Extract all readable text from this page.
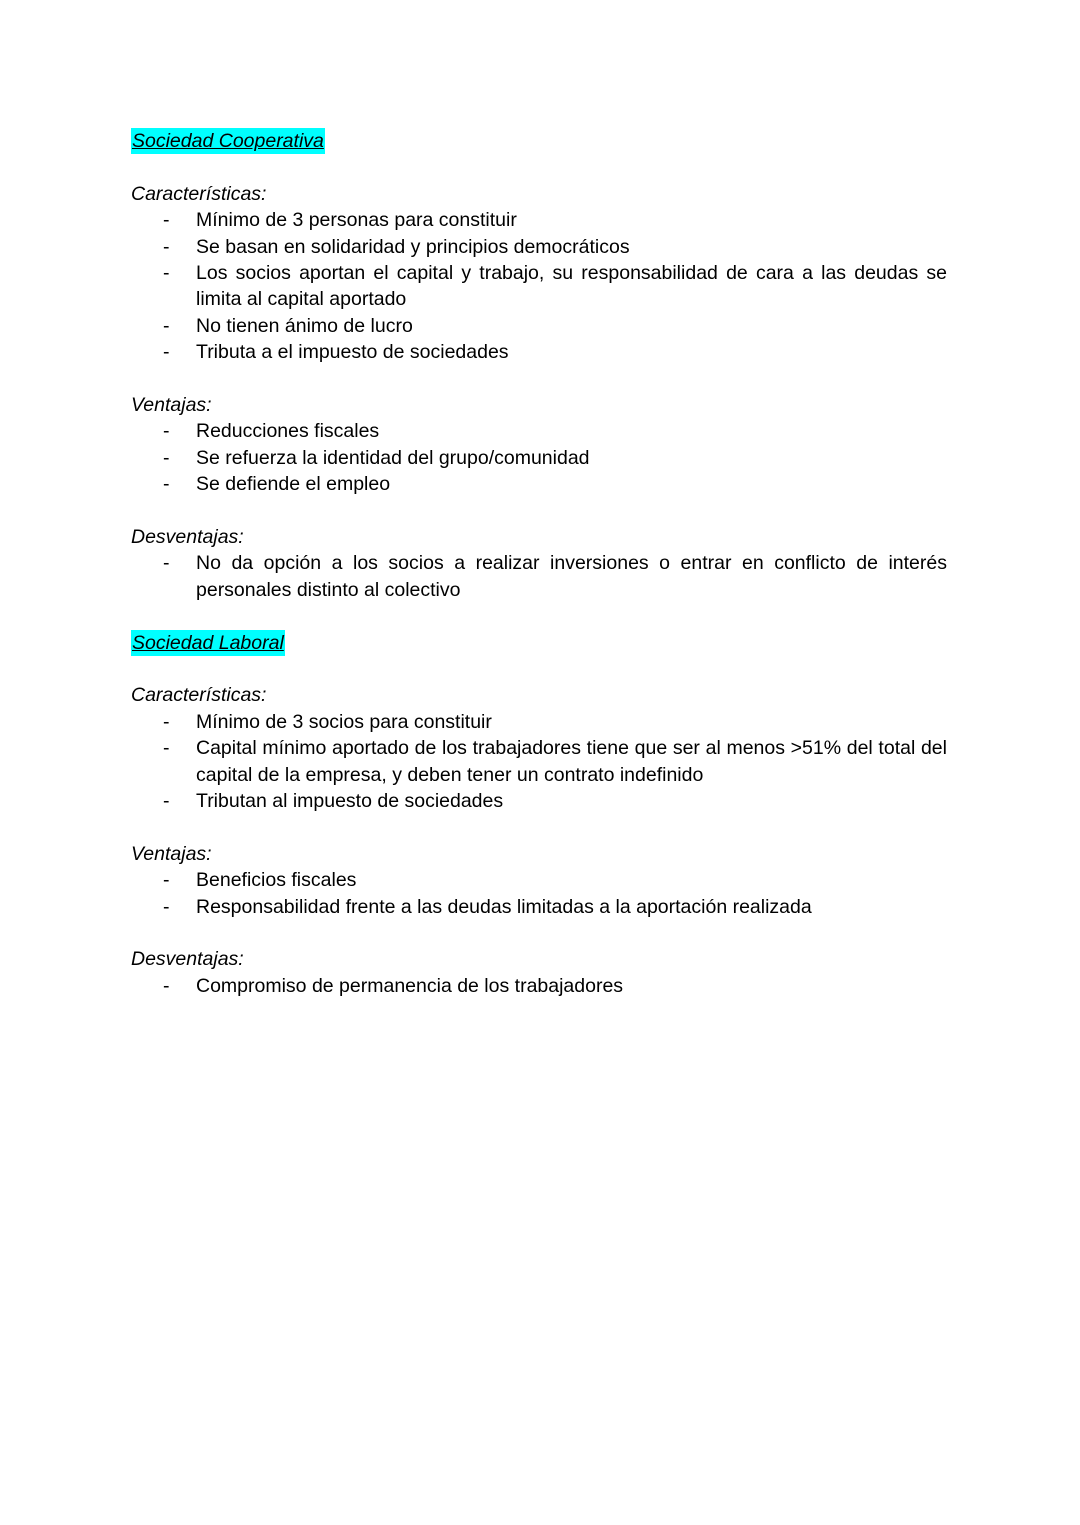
Sociedad Cooperativa

Características:

- Mínimo de 3 personas para constituir
- Se basan en solidaridad y principios democráticos
- Los socios aportan el capital y trabajo, su responsabilidad de cara a las deudas se limita al capital aportado
- No tienen ánimo de lucro
- Tributa a el impuesto de sociedades

Ventajas:

- Reducciones fiscales
- Se refuerza la identidad del grupo/comunidad
- Se defiende el empleo

Desventajas:

- No da opción a los socios a realizar inversiones o entrar en conflicto de interés personales distinto al colectivo

Sociedad Laboral

Características:

- Mínimo de 3 socios para constituir
- Capital mínimo aportado de los trabajadores tiene que ser al menos >51% del total del capital de la empresa, y deben tener un contrato indefinido
- Tributan al impuesto de sociedades

Ventajas:

- Beneficios fiscales
- Responsabilidad frente a las deudas limitadas a la aportación realizada

Desventajas:

- Compromiso de permanencia de los trabajadores
